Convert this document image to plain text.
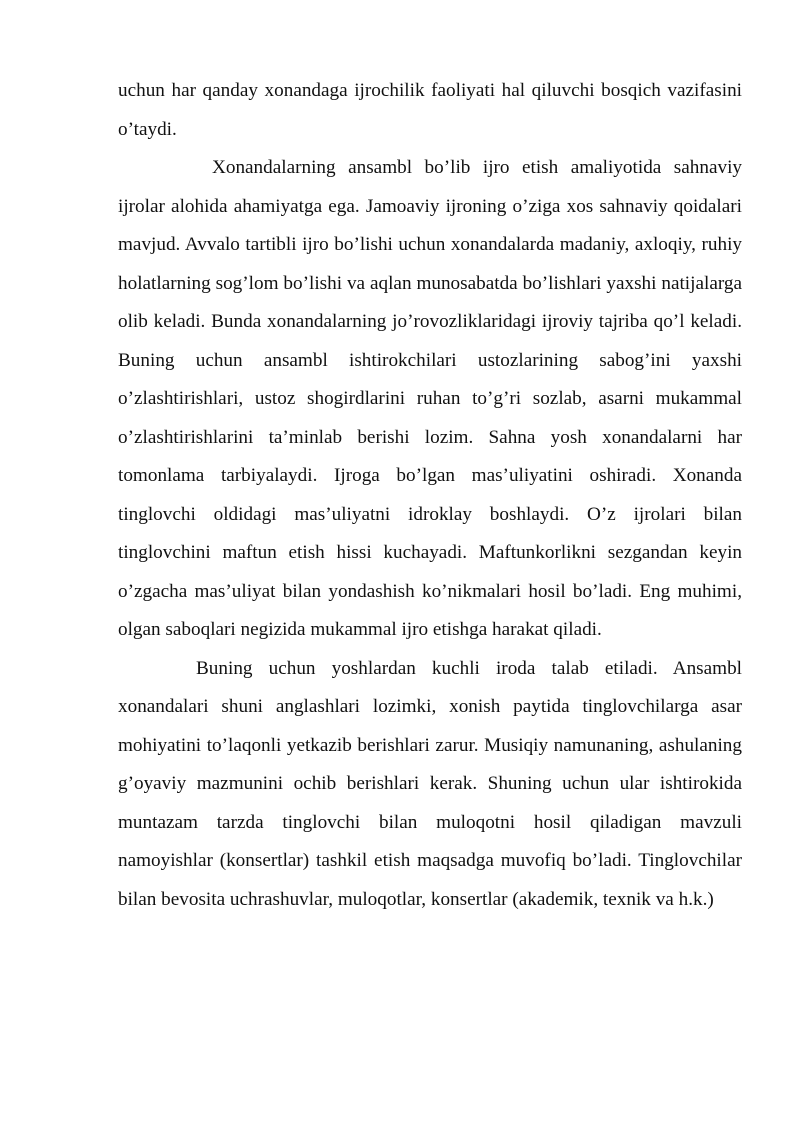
uchun har qanday xonandaga ijrochilik faoliyati hal qiluvchi bosqich vazifasini o’taydi.

Xonandalarning ansambl bo’lib ijro etish amaliyotida sahnaviy ijrolar alohida ahamiyatga ega. Jamoaviy ijroning o’ziga xos sahnaviy qoidalari mavjud. Avvalo tartibli ijro bo’lishi uchun xonandalarda madaniy, axloqiy, ruhiy holatlarning sog’lom bo’lishi va aqlan munosabatda bo’lishlari yaxshi natijalarga olib keladi. Bunda xonandalarning jo’rovozliklaridagi ijroviy tajriba qo’l keladi. Buning uchun ansambl ishtirokchilari ustozlarining sabog’ini yaxshi o’zlashtirishlari, ustoz shogirdlarini ruhan to’g’ri sozlab, asarni mukammal o’zlashtirishlarini ta’minlab berishi lozim. Sahna yosh xonandalarni har tomonlama tarbiyalaydi. Ijroga bo’lgan mas’uliyatini oshiradi. Xonanda tinglovchi oldidagi mas’uliyatni idroklay boshlaydi. O’z ijrolari bilan tinglovchini maftun etish hissi kuchayadi. Maftunkorlikni sezgandan keyin o’zgacha mas’uliyat bilan yondashish ko’nikmalari hosil bo’ladi. Eng muhimi, olgan saboqlari negizida mukammal ijro etishga harakat qiladi.

Buning uchun yoshlardan kuchli iroda talab etiladi. Ansambl xonandalari shuni anglashlari lozimki, xonish paytida tinglovchilarga asar mohiyatini to’laqonli yetkazib berishlari zarur. Musiqiy namunaning, ashulaning g’oyaviy mazmunini ochib berishlari kerak. Shuning uchun ular ishtirokida muntazam tarzda tinglovchi bilan muloqotni hosil qiladigan mavzuli namoyishlar (konsertlar) tashkil etish maqsadga muvofiq bo’ladi. Tinglovchilar bilan bevosita uchrashuvlar, muloqotlar, konsertlar (akademik, texnik va h.k.)
